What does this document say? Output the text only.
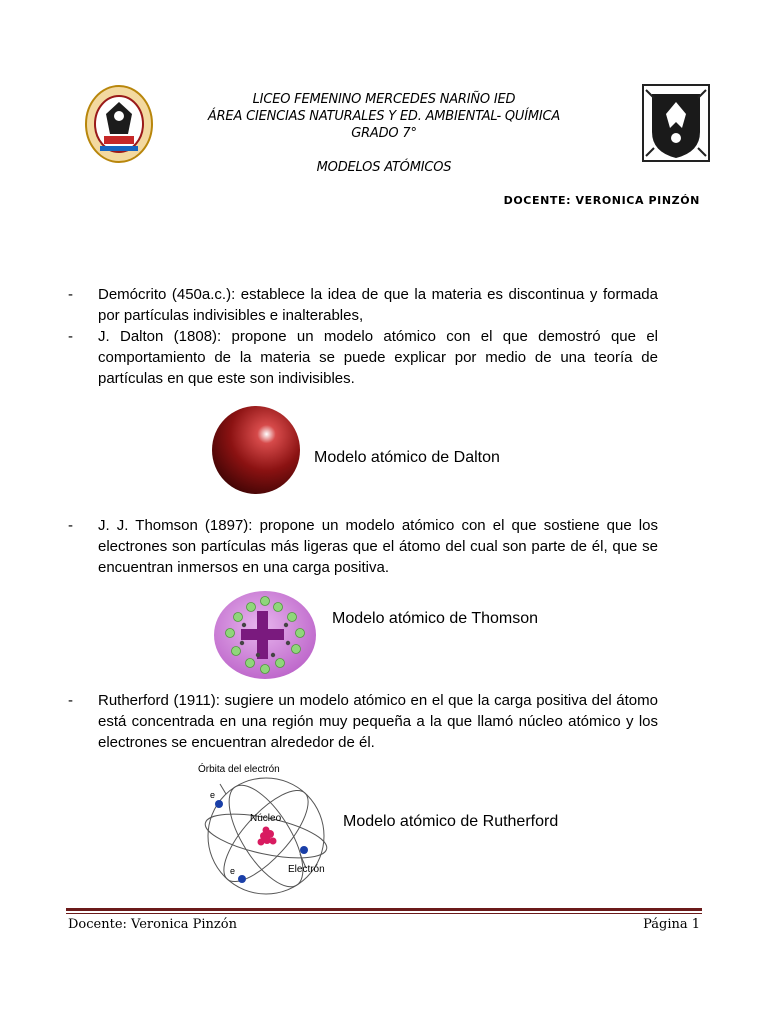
LICEO FEMENINO MERCEDES NARIÑO IED
ÁREA CIENCIAS NATURALES Y ED. AMBIENTAL- QUÍMICA
GRADO 7°
MODELOS ATÓMICOS
DOCENTE: VERONICA PINZÓN
- Demócrito (450a.c.): establece la idea de que la materia es discontinua y formada por partículas indivisibles e inalterables,
- J. Dalton (1808): propone un modelo atómico con el que demostró que el comportamiento de la materia se puede explicar por medio de una teoría de partículas en que este son indivisibles.
Modelo atómico de Dalton
- J. J. Thomson (1897): propone un modelo atómico con el que sostiene que los electrones son partículas más ligeras que el átomo del cual son parte de él, que se encuentran inmersos en una carga positiva.
Modelo atómico de Thomson
- Rutherford (1911): sugiere un modelo atómico en el que la carga positiva del átomo está concentrada en una región muy pequeña a la que llamó núcleo atómico y los electrones se encuentran alrededor de él.
Órbita del electrón
e
Núcleo
e	Electrón
Modelo atómico de Rutherford
Docente: Veronica Pinzón	Página 1
